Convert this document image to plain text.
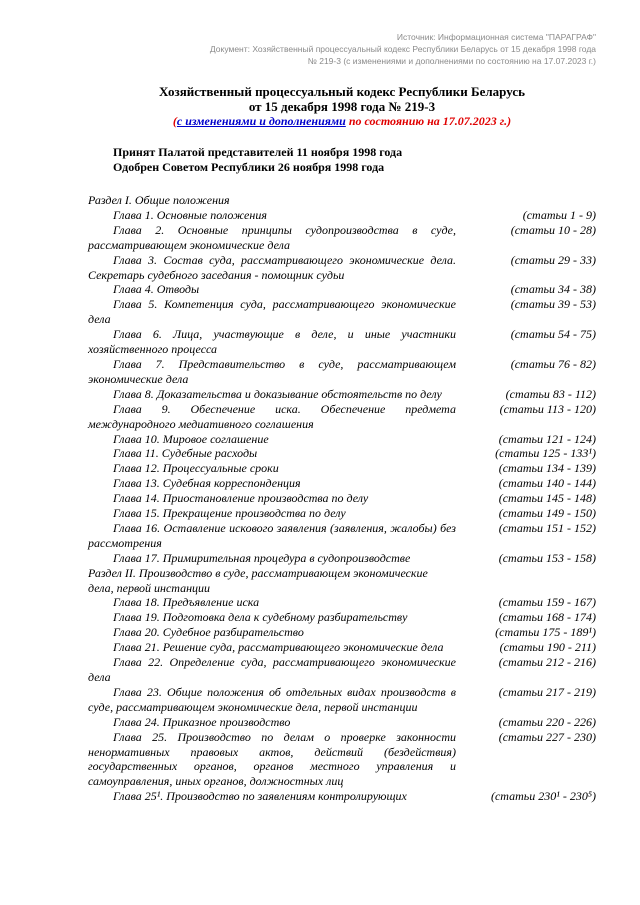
Источник: Информационная система "ПАРАГРАФ"
Документ: Хозяйственный процессуальный кодекс Республики Беларусь от 15 декабря 1998 года
№ 219-3 (с изменениями и дополнениями по состоянию на 17.07.2023 г.)
Хозяйственный процессуальный кодекс Республики Беларусь
от 15 декабря 1998 года № 219-3
(с изменениями и дополнениями по состоянию на 17.07.2023 г.)
Принят Палатой представителей 11 ноября 1998 года
Одобрен Советом Республики 26 ноября 1998 года
Раздел I. Общие положения
Глава 1. Основные положения	(статьи 1 - 9)
Глава 2. Основные принципы судопроизводства в суде, рассматривающем экономические дела
(статьи 10 - 28)
Глава 3. Состав суда, рассматривающего экономические дела. Секретарь судебного заседания - помощник судьи
(статьи 29 - 33)
Глава 4. Отводы	(статьи 34 - 38)
Глава 5. Компетенция суда, рассматривающего экономические дела
(статьи 39 - 53)
Глава 6. Лица, участвующие в деле, и иные участники хозяйственного процесса
(статьи 54 - 75)
Глава 7. Представительство в суде, рассматривающем экономические дела
(статьи 76 - 82)
Глава 8. Доказательства и доказывание обстоятельств по делу	(статьи 83 - 112)
Глава 9. Обеспечение иска. Обеспечение предмета международного медиативного соглашения
(статьи 113 - 120)
Глава 10. Мировое соглашение	(статьи 121 - 124)
Глава 11. Судебные расходы	(статьи 125 - 133¹)
Глава 12. Процессуальные сроки	(статьи 134 - 139)
Глава 13. Судебная корреспонденция	(статьи 140 - 144)
Глава 14. Приостановление производства по делу	(статьи 145 - 148)
Глава 15. Прекращение производства по делу	(статьи 149 - 150)
Глава 16. Оставление искового заявления (заявления, жалобы) без рассмотрения
(статьи 151 - 152)
Глава 17. Примирительная процедура в судопроизводстве	(статьи 153 - 158)
Раздел II. Производство в суде, рассматривающем экономические дела, первой инстанции
Глава 18. Предъявление иска	(статьи 159 - 167)
Глава 19. Подготовка дела к судебному разбирательству	(статьи 168 - 174)
Глава 20. Судебное разбирательство	(статьи 175 - 189¹)
Глава 21. Решение суда, рассматривающего экономические дела	(статьи 190 - 211)
Глава 22. Определение суда, рассматривающего экономические дела
(статьи 212 - 216)
Глава 23. Общие положения об отдельных видах производств в суде, рассматривающем экономические дела, первой инстанции
(статьи 217 - 219)
Глава 24. Приказное производство	(статьи 220 - 226)
Глава 25. Производство по делам о проверке законности ненормативных правовых актов, действий (бездействия) государственных органов, органов местного управления и самоуправления, иных органов, должностных лиц
(статьи 227 - 230)
Глава 25¹. Производство по заявлениям контролирующих	(статьи 230¹ - 230⁵)
